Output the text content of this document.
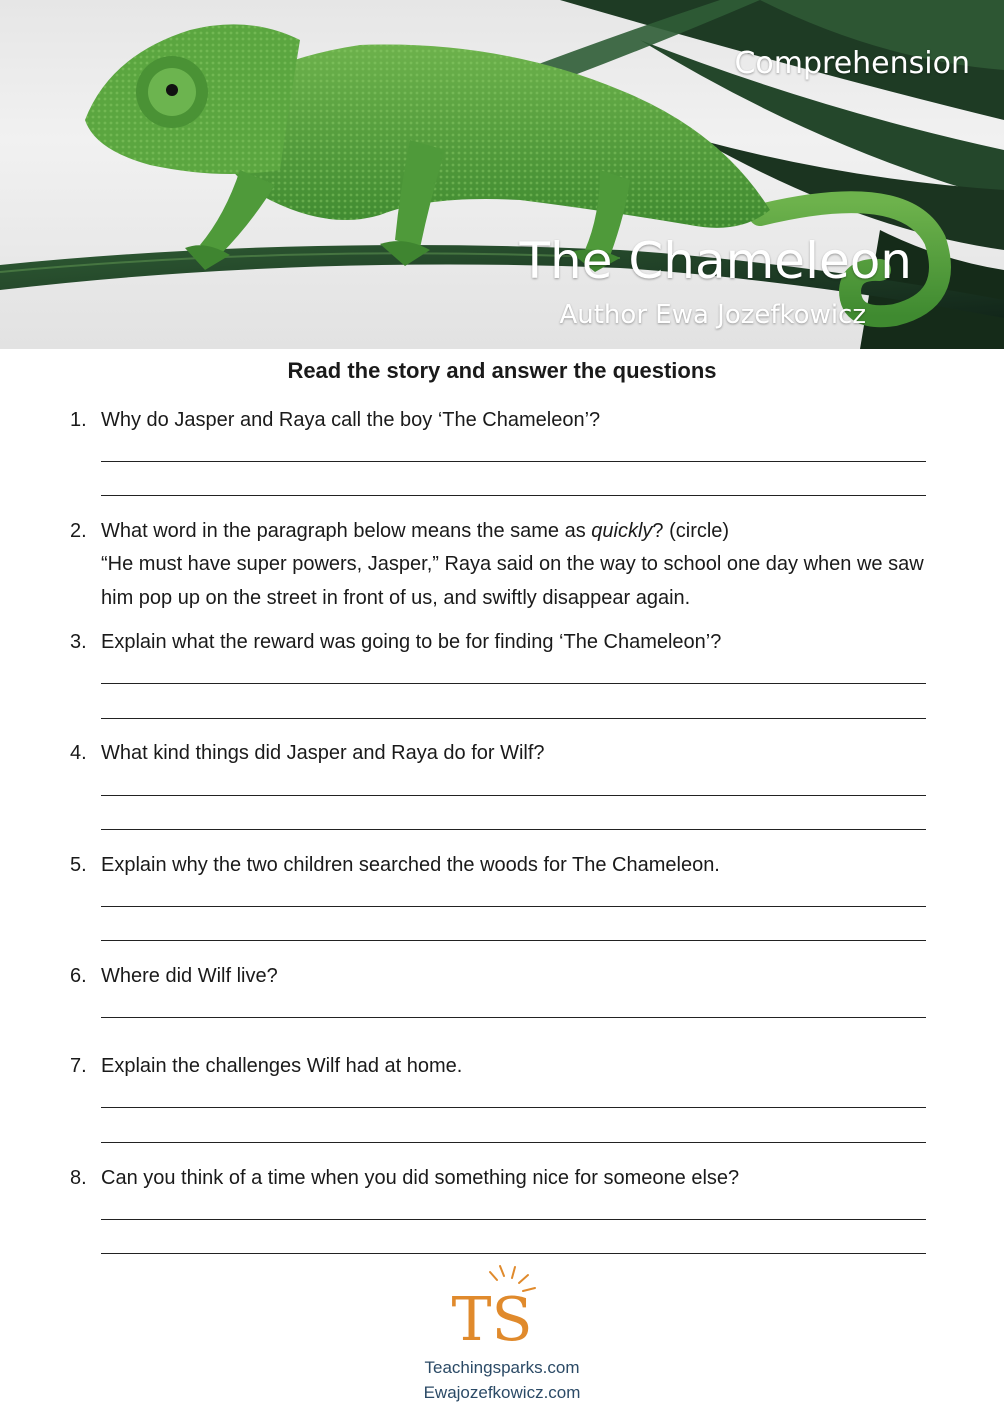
Comprehension
The Chameleon
Author Ewa Jozefkowicz
Read the story and answer the questions
1. Why do Jasper and Raya call the boy ‘The Chameleon’?
2. What word in the paragraph below means the same as quickly? (circle)
“He must have super powers, Jasper,” Raya said on the way to school one day when we saw him pop up on the street in front of us, and swiftly disappear again.
3. Explain what the reward was going to be for finding ‘The Chameleon’?
4. What kind things did Jasper and Raya do for Wilf?
5. Explain why the two children searched the woods for The Chameleon.
6. Where did Wilf live?
7. Explain the challenges Wilf had at home.
8. Can you think of a time when you did something nice for someone else?
TS
Teachingsparks.com
Ewajozefkowicz.com
